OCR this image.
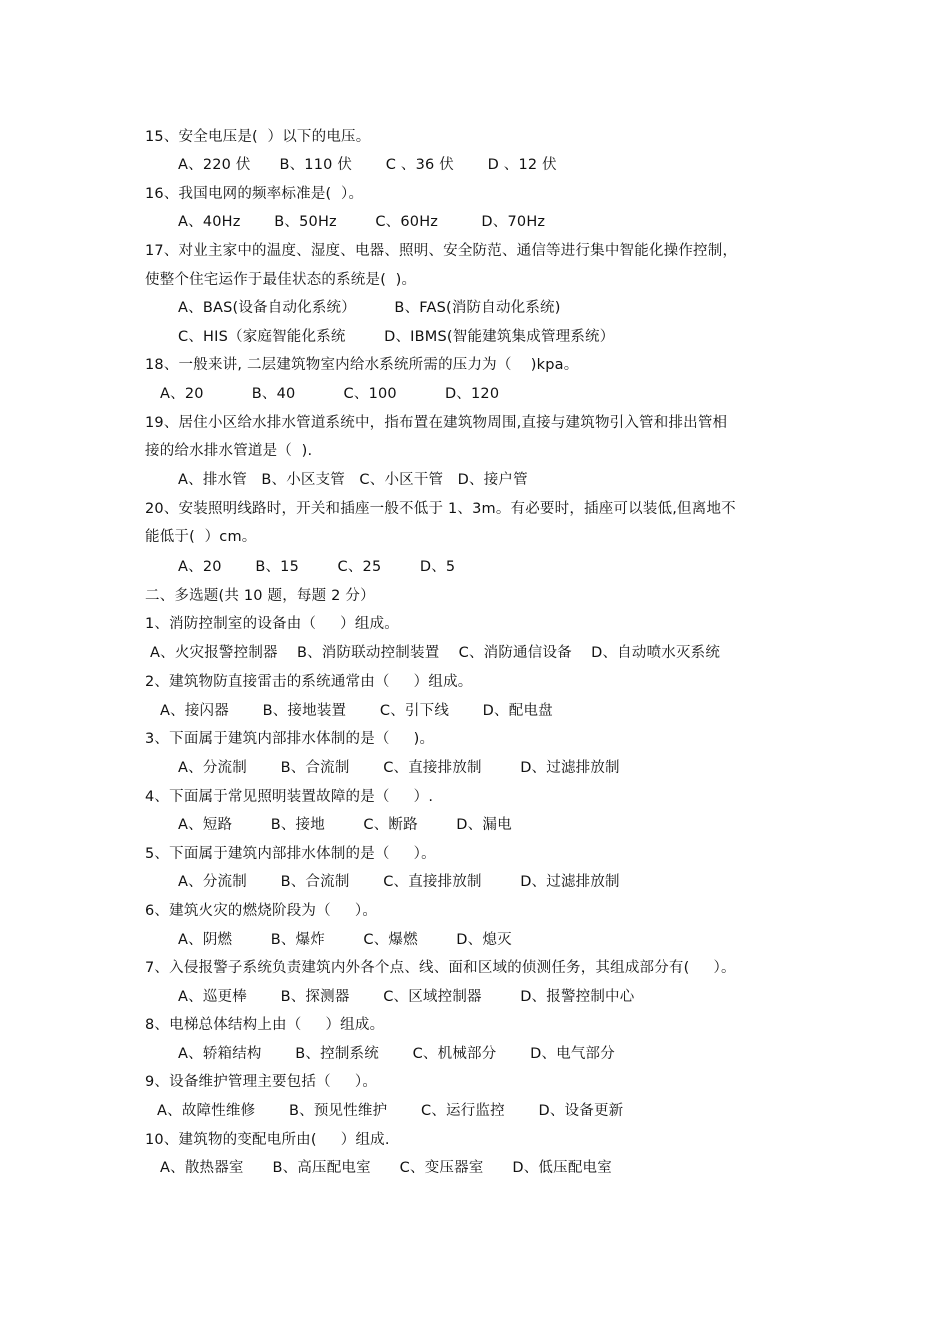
15、安全电压是(  ）以下的电压。
A、220 伏      B、110 伏       C 、36 伏       D 、12 伏
16、我国电网的频率标准是(  ）。
A、40Hz       B、50Hz        C、60Hz         D、70Hz
17、对业主家中的温度、湿度、电器、照明、安全防范、通信等进行集中智能化操作控制，
使整个住宅运作于最佳状态的系统是(  )。
A、BAS(设备自动化系统）        B、FAS(消防自动化系统)
C、HIS（家庭智能化系统        D、IBMS(智能建筑集成管理系统）
18、一般来讲, 二层建筑物室内给水系统所需的压力为（    )kpa。
A、20          B、40          C、100          D、120
19、居住小区给水排水管道系统中，指布置在建筑物周围,直接与建筑物引入管和排出管相
接的给水排水管道是（  ).
A、排水管   B、小区支管   C、小区干管   D、接户管
20、安装照明线路时，开关和插座一般不低于 1、3m。有必要时，插座可以装低,但离地不
能低于(  ）cm。
A、20       B、15        C、25        D、5
二、多选题(共 10 题，每题 2 分）
1、消防控制室的设备由（     ）组成。
A、火灾报警控制器    B、消防联动控制装置    C、消防通信设备    D、自动喷水灭系统
2、建筑物防直接雷击的系统通常由（     ）组成。
A、接闪器       B、接地装置       C、引下线       D、配电盘
3、下面属于建筑内部排水体制的是（     )。
A、分流制       B、合流制       C、直接排放制        D、过滤排放制
4、下面属于常见照明装置故障的是（     ）.
A、短路        B、接地        C、断路        D、漏电
5、下面属于建筑内部排水体制的是（     ）。
A、分流制       B、合流制       C、直接排放制        D、过滤排放制
6、建筑火灾的燃烧阶段为（     ）。
A、阴燃        B、爆炸        C、爆燃        D、熄灭
7、入侵报警子系统负责建筑内外各个点、线、面和区域的侦测任务，其组成部分有(     ）。
A、巡更棒       B、探测器       C、区域控制器        D、报警控制中心
8、电梯总体结构上由（     ）组成。
A、轿箱结构       B、控制系统       C、机械部分       D、电气部分
9、设备维护管理主要包括（     ）。
A、故障性维修       B、预见性维护       C、运行监控       D、设备更新
10、建筑物的变配电所由(     ）组成.
A、散热器室      B、高压配电室      C、变压器室      D、低压配电室
